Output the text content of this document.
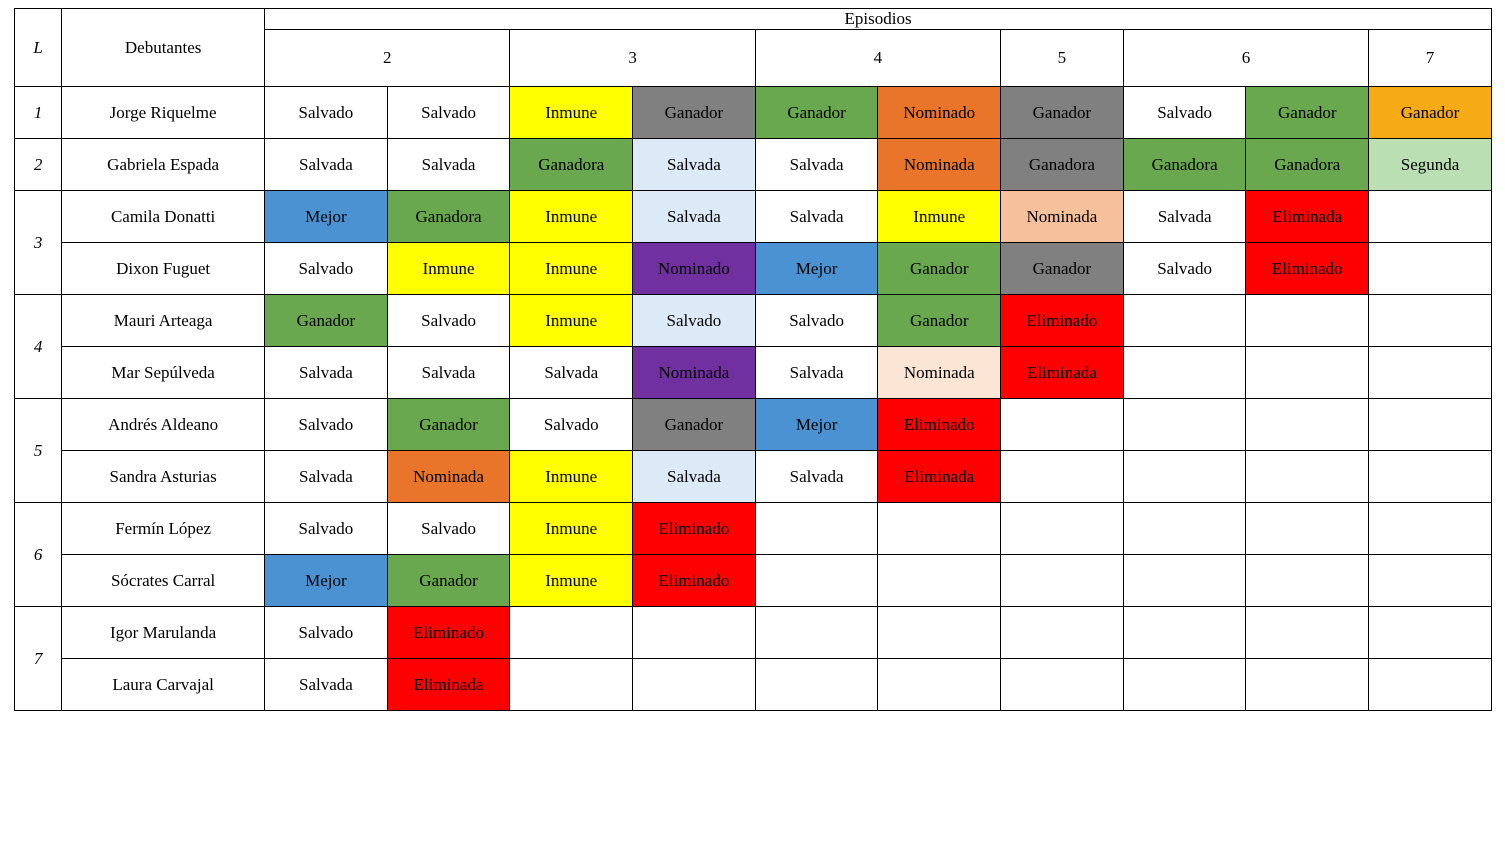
L	Debutantes	Episodios									
		2		3		4		5	6		7
1	Jorge Riquelme	Salvado	Salvado	Inmune	Ganador	Ganador	Nominado	Ganador	Salvado	Ganador	Ganador
2	Gabriela Espada	Salvada	Salvada	Ganadora	Salvada	Salvada	Nominada	Ganadora	Ganadora	Ganadora	Segunda
3	Camila Donatti	Mejor	Ganadora	Inmune	Salvada	Salvada	Inmune	Nominada	Salvada	Eliminada	
	Dixon Fuguet	Salvado	Inmune	Inmune	Nominado	Mejor	Ganador	Ganador	Salvado	Eliminado	
4	Mauri Arteaga	Ganador	Salvado	Inmune	Salvado	Salvado	Ganador	Eliminado			
	Mar Sepúlveda	Salvada	Salvada	Salvada	Nominada	Salvada	Nominada	Eliminada			
5	Andrés Aldeano	Salvado	Ganador	Salvado	Ganador	Mejor	Eliminado				
	Sandra Asturias	Salvada	Nominada	Inmune	Salvada	Salvada	Eliminada				
6	Fermín López	Salvado	Salvado	Inmune	Eliminado						
	Sócrates Carral	Mejor	Ganador	Inmune	Eliminado						
7	Igor Marulanda	Salvado	Eliminado								
	Laura Carvajal	Salvada	Eliminada								
